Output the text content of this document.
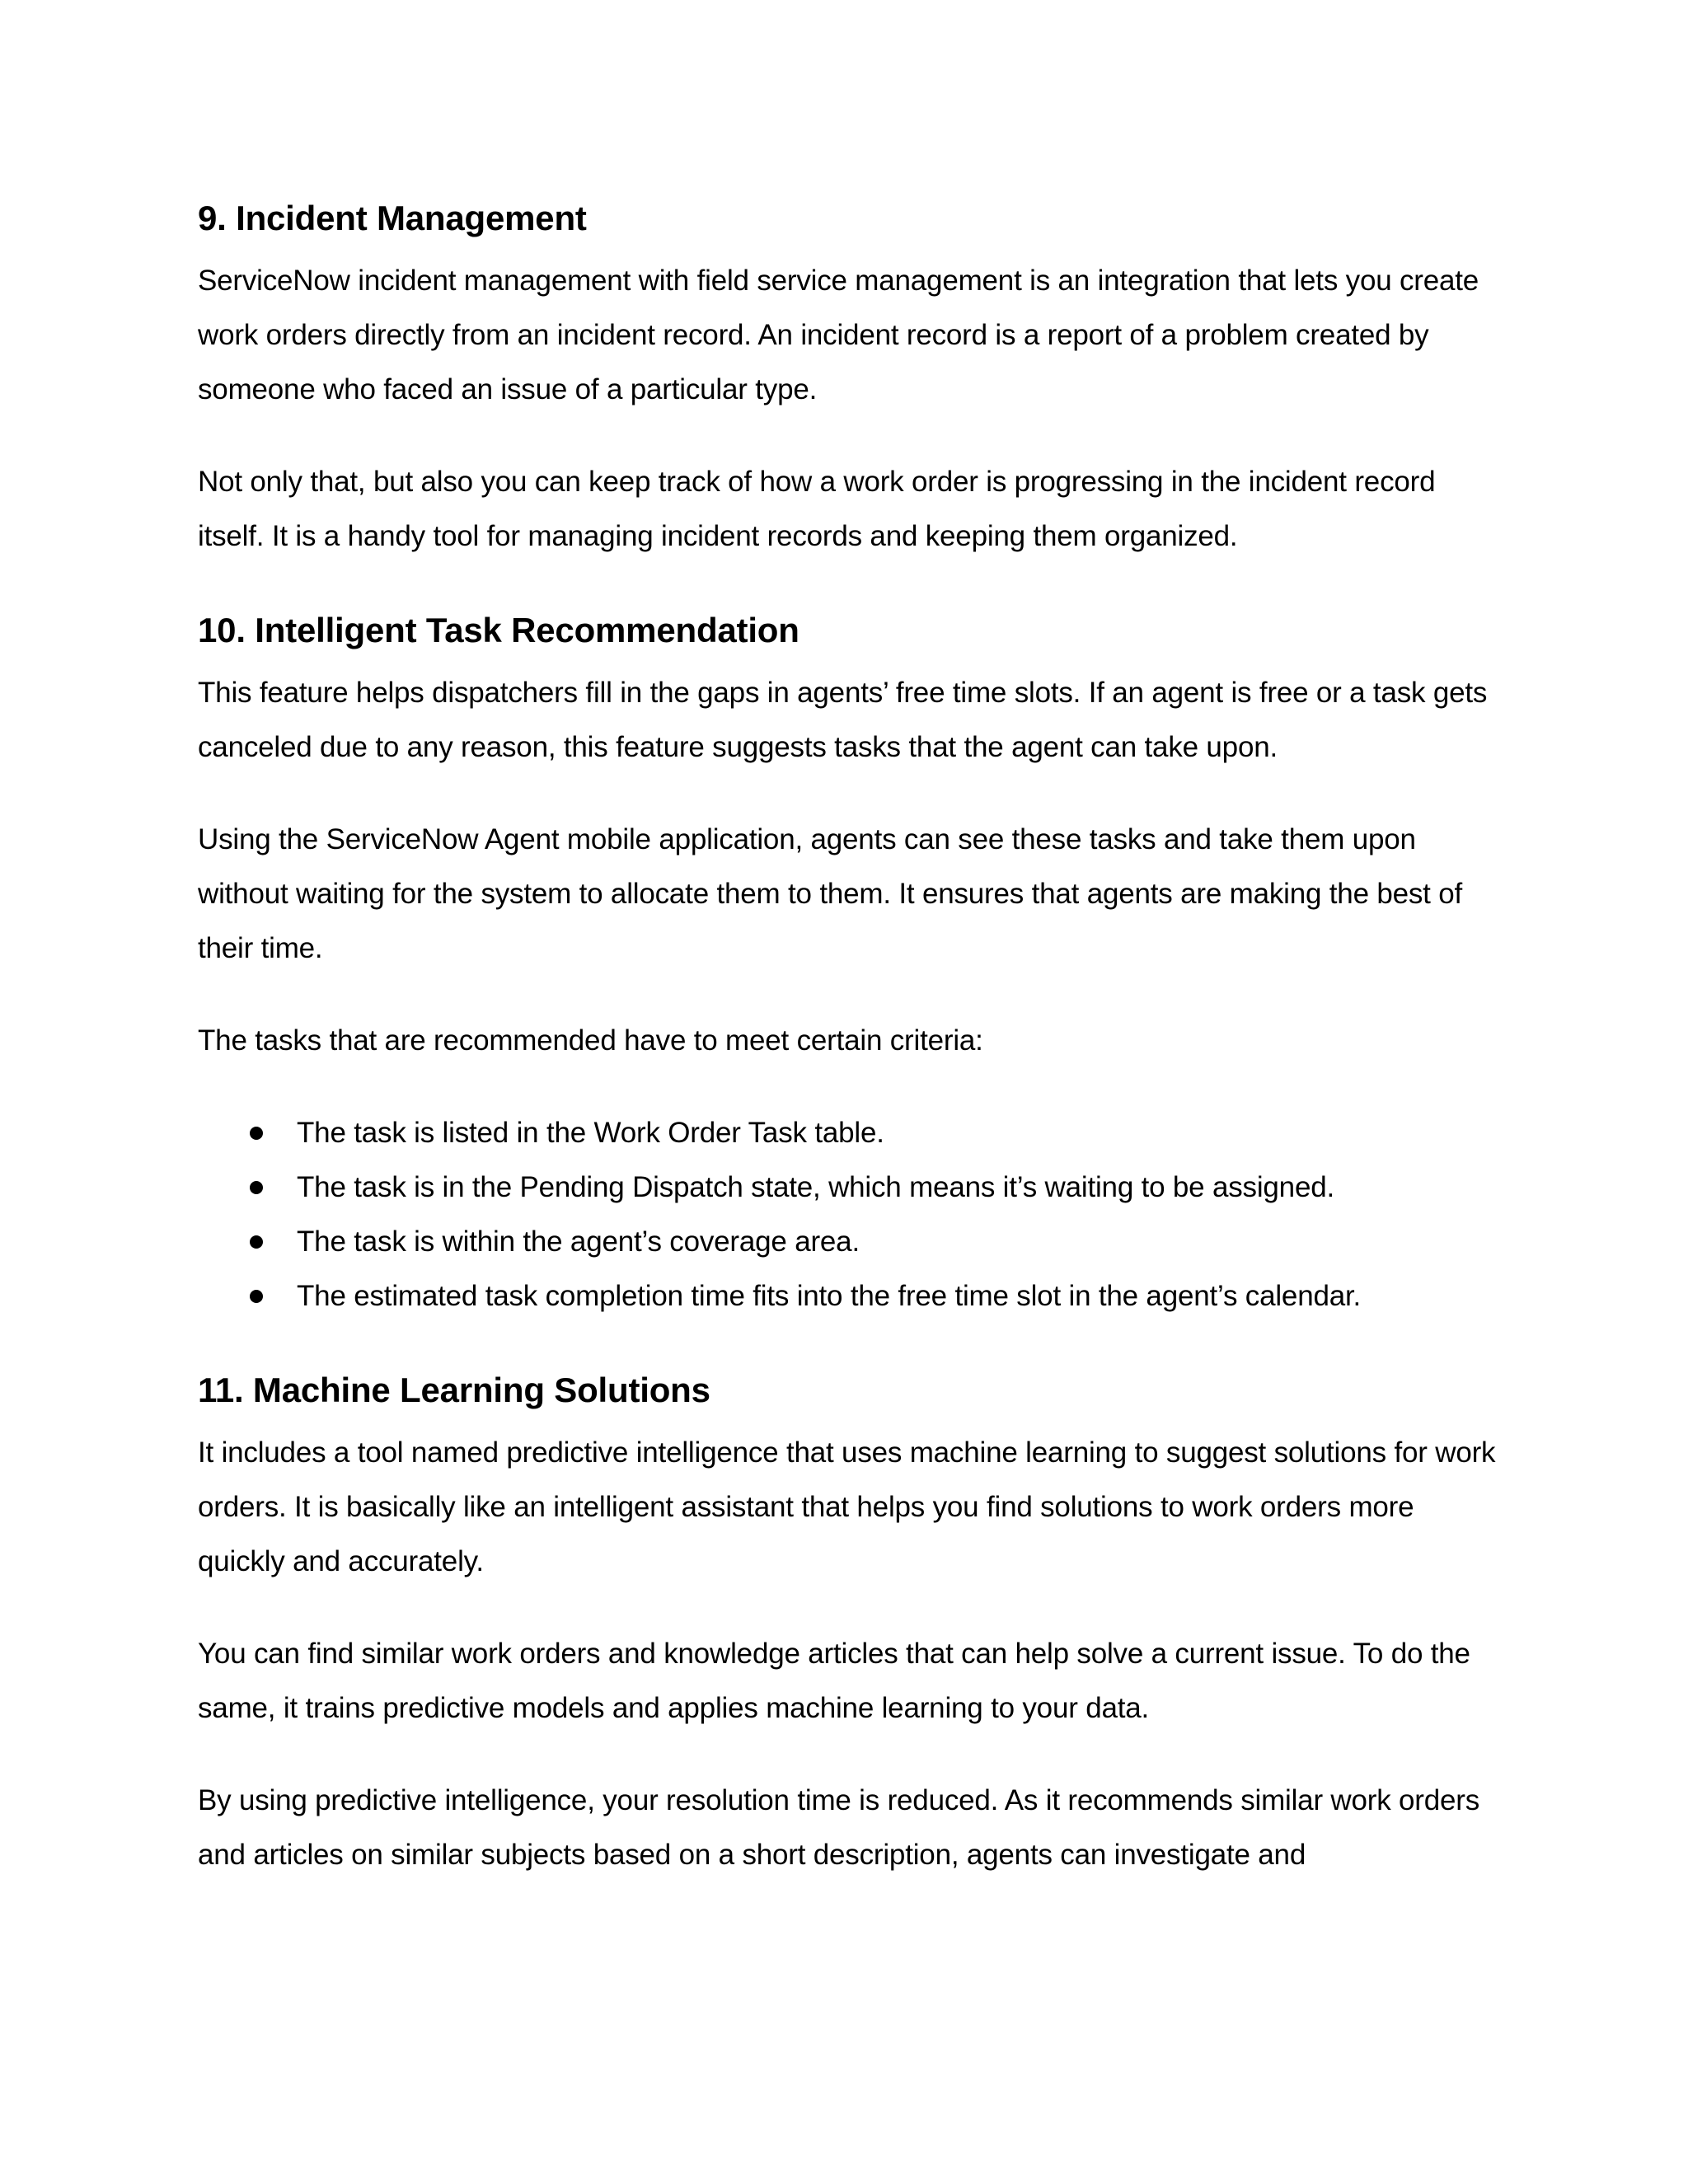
9. Incident Management

ServiceNow incident management with field service management is an integration that lets you create work orders directly from an incident record. An incident record is a report of a problem created by someone who faced an issue of a particular type.

Not only that, but also you can keep track of how a work order is progressing in the incident record itself. It is a handy tool for managing incident records and keeping them organized.

10. Intelligent Task Recommendation

This feature helps dispatchers fill in the gaps in agents’ free time slots. If an agent is free or a task gets canceled due to any reason, this feature suggests tasks that the agent can take upon.

Using the ServiceNow Agent mobile application, agents can see these tasks and take them upon without waiting for the system to allocate them to them. It ensures that agents are making the best of their time.

The tasks that are recommended have to meet certain criteria:

The task is listed in the Work Order Task table.
The task is in the Pending Dispatch state, which means it’s waiting to be assigned.
The task is within the agent’s coverage area.
The estimated task completion time fits into the free time slot in the agent’s calendar.
11. Machine Learning Solutions

It includes a tool named predictive intelligence that uses machine learning to suggest solutions for work orders. It is basically like an intelligent assistant that helps you find solutions to work orders more quickly and accurately.

You can find similar work orders and knowledge articles that can help solve a current issue. To do the same, it trains predictive models and applies machine learning to your data.

By using predictive intelligence, your resolution time is reduced. As it recommends similar work orders and articles on similar subjects based on a short description, agents can investigate and
